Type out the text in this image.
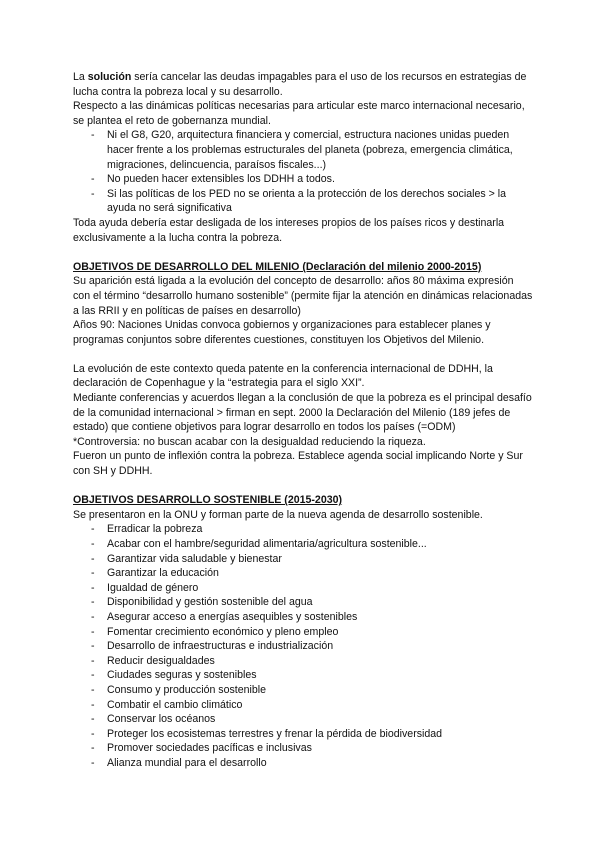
La solución sería cancelar las deudas impagables para el uso de los recursos en estrategias de lucha contra la pobreza local y su desarrollo.

Respecto a las dinámicas políticas necesarias para articular este marco internacional necesario, se plantea el reto de gobernanza mundial.

- Ni el G8, G20, arquitectura financiera y comercial, estructura naciones unidas pueden hacer frente a los problemas estructurales del planeta (pobreza, emergencia climática, migraciones, delincuencia, paraísos fiscales...)
- No pueden hacer extensibles los DDHH a todos.
- Si las políticas de los PED no se orienta a la protección de los derechos sociales > la ayuda no será significativa

Toda ayuda debería estar desligada de los intereses propios de los países ricos y destinarla exclusivamente a la lucha contra la pobreza.

OBJETIVOS DE DESARROLLO DEL MILENIO (Declaración del milenio 2000-2015)

Su aparición está ligada a la evolución del concepto de desarrollo: años 80 máxima expresión con el término “desarrollo humano sostenible” (permite fijar la atención en dinámicas relacionadas a las RRII y en políticas de países en desarrollo)

Años 90: Naciones Unidas convoca gobiernos y organizaciones para establecer planes y programas conjuntos sobre diferentes cuestiones, constituyen los Objetivos del Milenio.

La evolución de este contexto queda patente en la conferencia internacional de DDHH, la declaración de Copenhague y la “estrategia para el siglo XXI”.

Mediante conferencias y acuerdos llegan a la conclusión de que la pobreza es el principal desafío de la comunidad internacional > firman en sept. 2000 la Declaración del Milenio (189 jefes de estado) que contiene objetivos para lograr desarrollo en todos los países (=ODM)

*Controversia: no buscan acabar con la desigualdad reduciendo la riqueza.

Fueron un punto de inflexión contra la pobreza. Establece agenda social implicando Norte y Sur con SH y DDHH.

OBJETIVOS DESARROLLO SOSTENIBLE (2015-2030)

Se presentaron en la ONU y forman parte de la nueva agenda de desarrollo sostenible.

- Erradicar la pobreza
- Acabar con el hambre/seguridad alimentaria/agricultura sostenible...
- Garantizar vida saludable y bienestar
- Garantizar la educación
- Igualdad de género
- Disponibilidad y gestión sostenible del agua
- Asegurar acceso a energías asequibles y sostenibles
- Fomentar crecimiento económico y pleno empleo
- Desarrollo de infraestructuras e industrialización
- Reducir desigualdades
- Ciudades seguras y sostenibles
- Consumo y producción sostenible
- Combatir el cambio climático
- Conservar los océanos
- Proteger los ecosistemas terrestres y frenar la pérdida de biodiversidad
- Promover sociedades pacíficas e inclusivas
- Alianza mundial para el desarrollo
